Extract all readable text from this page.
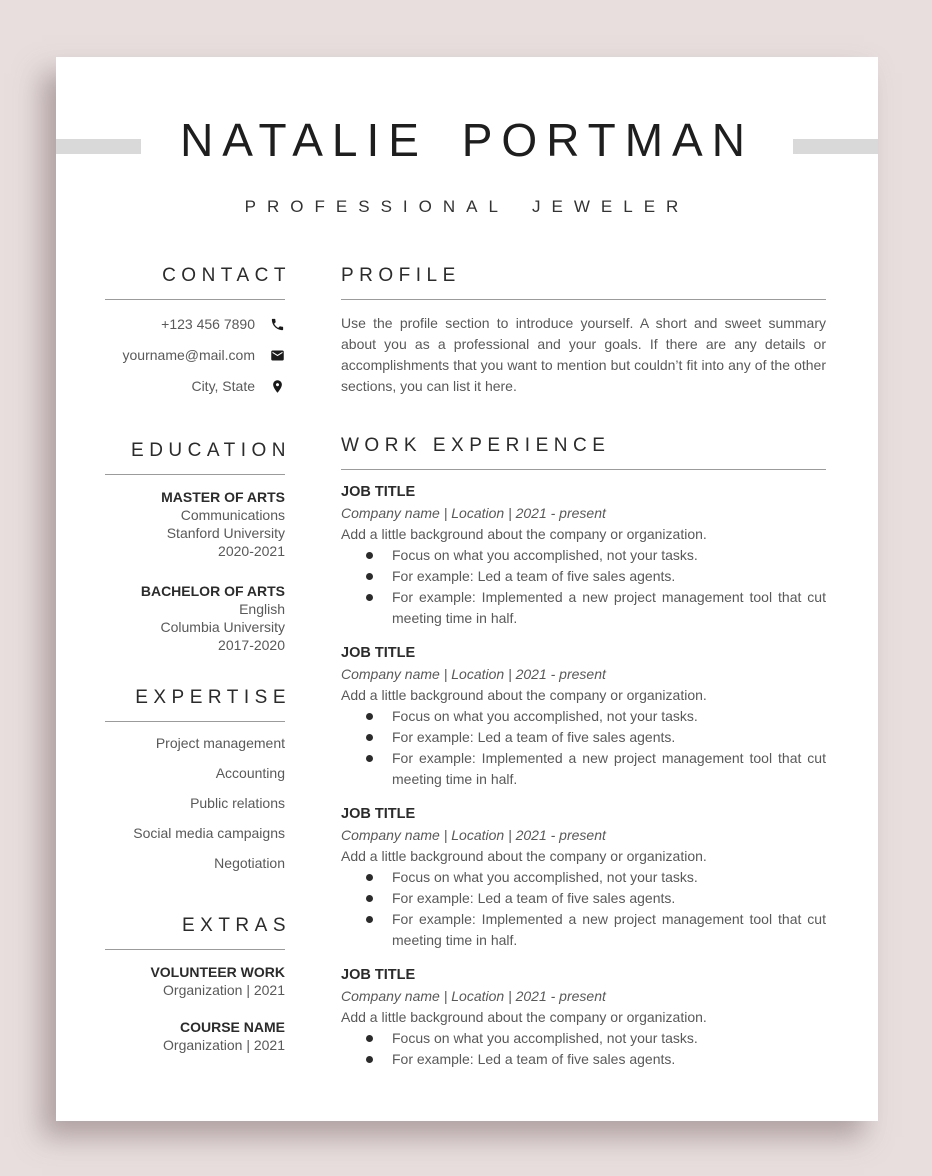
NATALIE PORTMAN
PROFESSIONAL JEWELER
CONTACT
+123 456 7890
yourname@mail.com
City, State
EDUCATION
MASTER OF ARTS
Communications
Stanford University
2020-2021
BACHELOR OF ARTS
English
Columbia University
2017-2020
EXPERTISE
Project management
Accounting
Public relations
Social media campaigns
Negotiation
EXTRAS
VOLUNTEER WORK
Organization | 2021
COURSE NAME
Organization | 2021
PROFILE

Use the profile section to introduce yourself. A short and sweet summary about you as a professional and your goals. If there are any details or accomplishments that you want to mention but couldn’t fit into any of the other sections, you can list it here.

WORK EXPERIENCE
JOB TITLE
Company name | Location | 2021 - present
Add a little background about the company or organization.
Focus on what you accomplished, not your tasks.
For example: Led a team of five sales agents.
For example: Implemented a new project management tool that cut meeting time in half.
JOB TITLE
Company name | Location | 2021 - present
Add a little background about the company or organization.
Focus on what you accomplished, not your tasks.
For example: Led a team of five sales agents.
For example: Implemented a new project management tool that cut meeting time in half.
JOB TITLE
Company name | Location | 2021 - present
Add a little background about the company or organization.
Focus on what you accomplished, not your tasks.
For example: Led a team of five sales agents.
For example: Implemented a new project management tool that cut meeting time in half.
JOB TITLE
Company name | Location | 2021 - present
Add a little background about the company or organization.
Focus on what you accomplished, not your tasks.
For example: Led a team of five sales agents.
